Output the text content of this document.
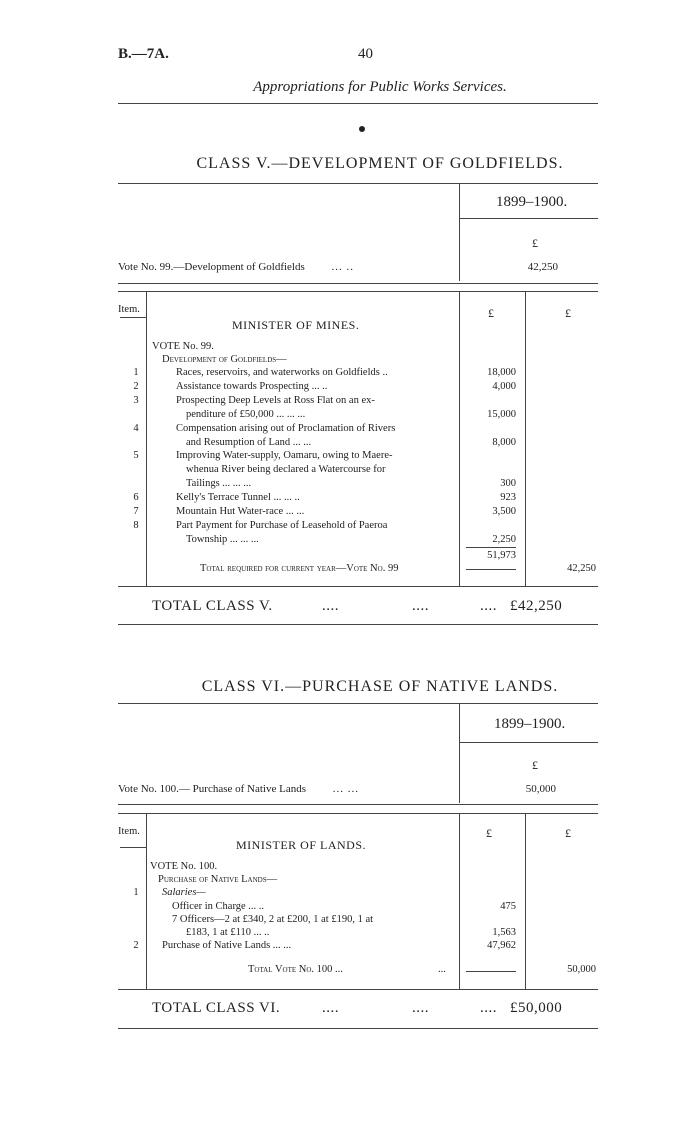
B.—7A.	40
Appropriations for Public Works Services.
CLASS V.—DEVELOPMENT OF GOLDFIELDS.
1899–1900.
£
Vote No. 99.—Development of Goldfields ... ..	42,250
Item.	£	£
MINISTER OF MINES.
VOTE No. 99.
Development of Goldfields—
1	Races, reservoirs, and waterworks on Goldfields ..	18,000
2	Assistance towards Prospecting ... ..	4,000
3	Prospecting Deep Levels at Ross Flat on an ex-
penditure of £50,000 ... ... ...	15,000
4	Compensation arising out of Proclamation of Rivers
and Resumption of Land ... ...	8,000
5	Improving Water-supply, Oamaru, owing to Maere-
whenua River being declared a Watercourse for
Tailings ... ... ...	300
6	Kelly's Terrace Tunnel ... ... ..	923
7	Mountain Hut Water-race ... ...	3,500
8	Part Payment for Purchase of Leasehold of Paeroa
Township ... ... ...	2,250
51,973
Total required for current year—Vote No. 99	42,250
TOTAL CLASS V.	....	....	.... £42,250
CLASS VI.—PURCHASE OF NATIVE LANDS.
1899–1900.
£
Vote No. 100.— Purchase of Native Lands ... ...	50,000
Item.	£	£
MINISTER OF LANDS.
VOTE No. 100.
Purchase of Native Lands—
1	Salaries—
Officer in Charge ... ..	475
7 Officers—2 at £340, 2 at £200, 1 at £190, 1 at
£183, 1 at £110 ... ..	1,563
2	Purchase of Native Lands ... ...	47,962
Total Vote No. 100 ...	...	50,000
TOTAL CLASS VI.	....	....	.... £50,000
